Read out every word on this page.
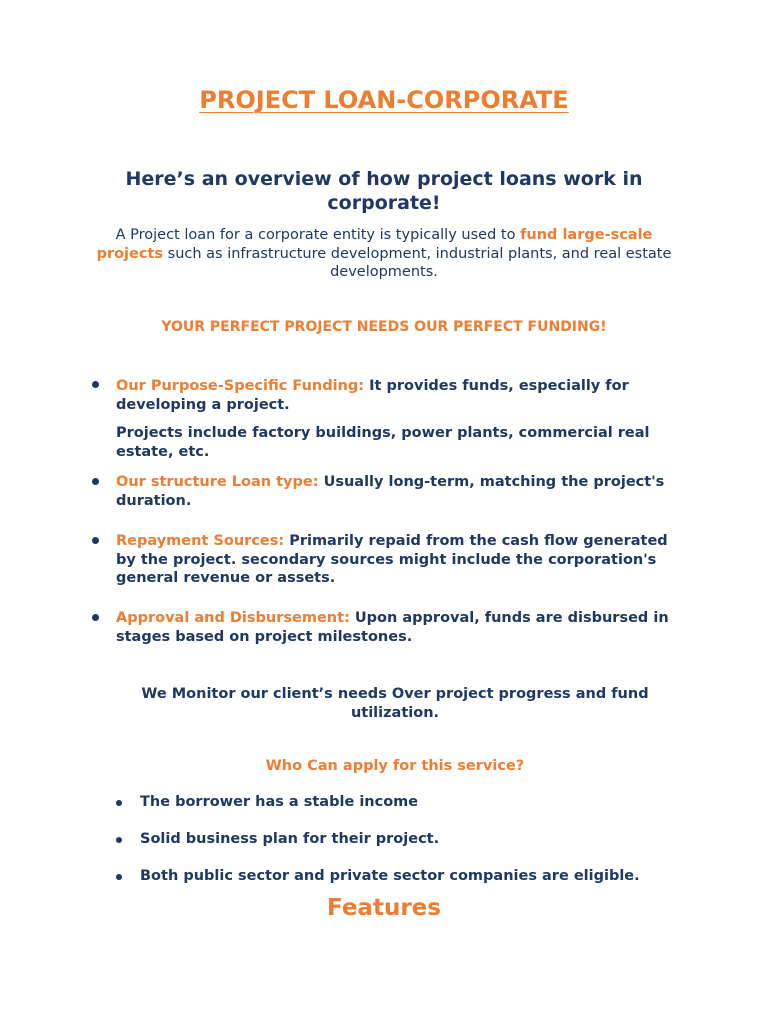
PROJECT LOAN-CORPORATE
Here’s an overview of how project loans work in corporate!
A Project loan for a corporate entity is typically used to fund large-scale projects such as infrastructure development, industrial plants, and real estate developments.
YOUR PERFECT PROJECT NEEDS OUR PERFECT FUNDING!
Our Purpose-Specific Funding: It provides funds, especially for developing a project.
Projects include factory buildings, power plants, commercial real estate, etc.
Our structure Loan type: Usually long-term, matching the project's duration.
Repayment Sources: Primarily repaid from the cash flow generated by the project. secondary sources might include the corporation's general revenue or assets.
Approval and Disbursement: Upon approval, funds are disbursed in stages based on project milestones.
We Monitor our client’s needs Over project progress and fund utilization.
Who Can apply for this service?
The borrower has a stable income
Solid business plan for their project.
Both public sector and private sector companies are eligible.
Features
